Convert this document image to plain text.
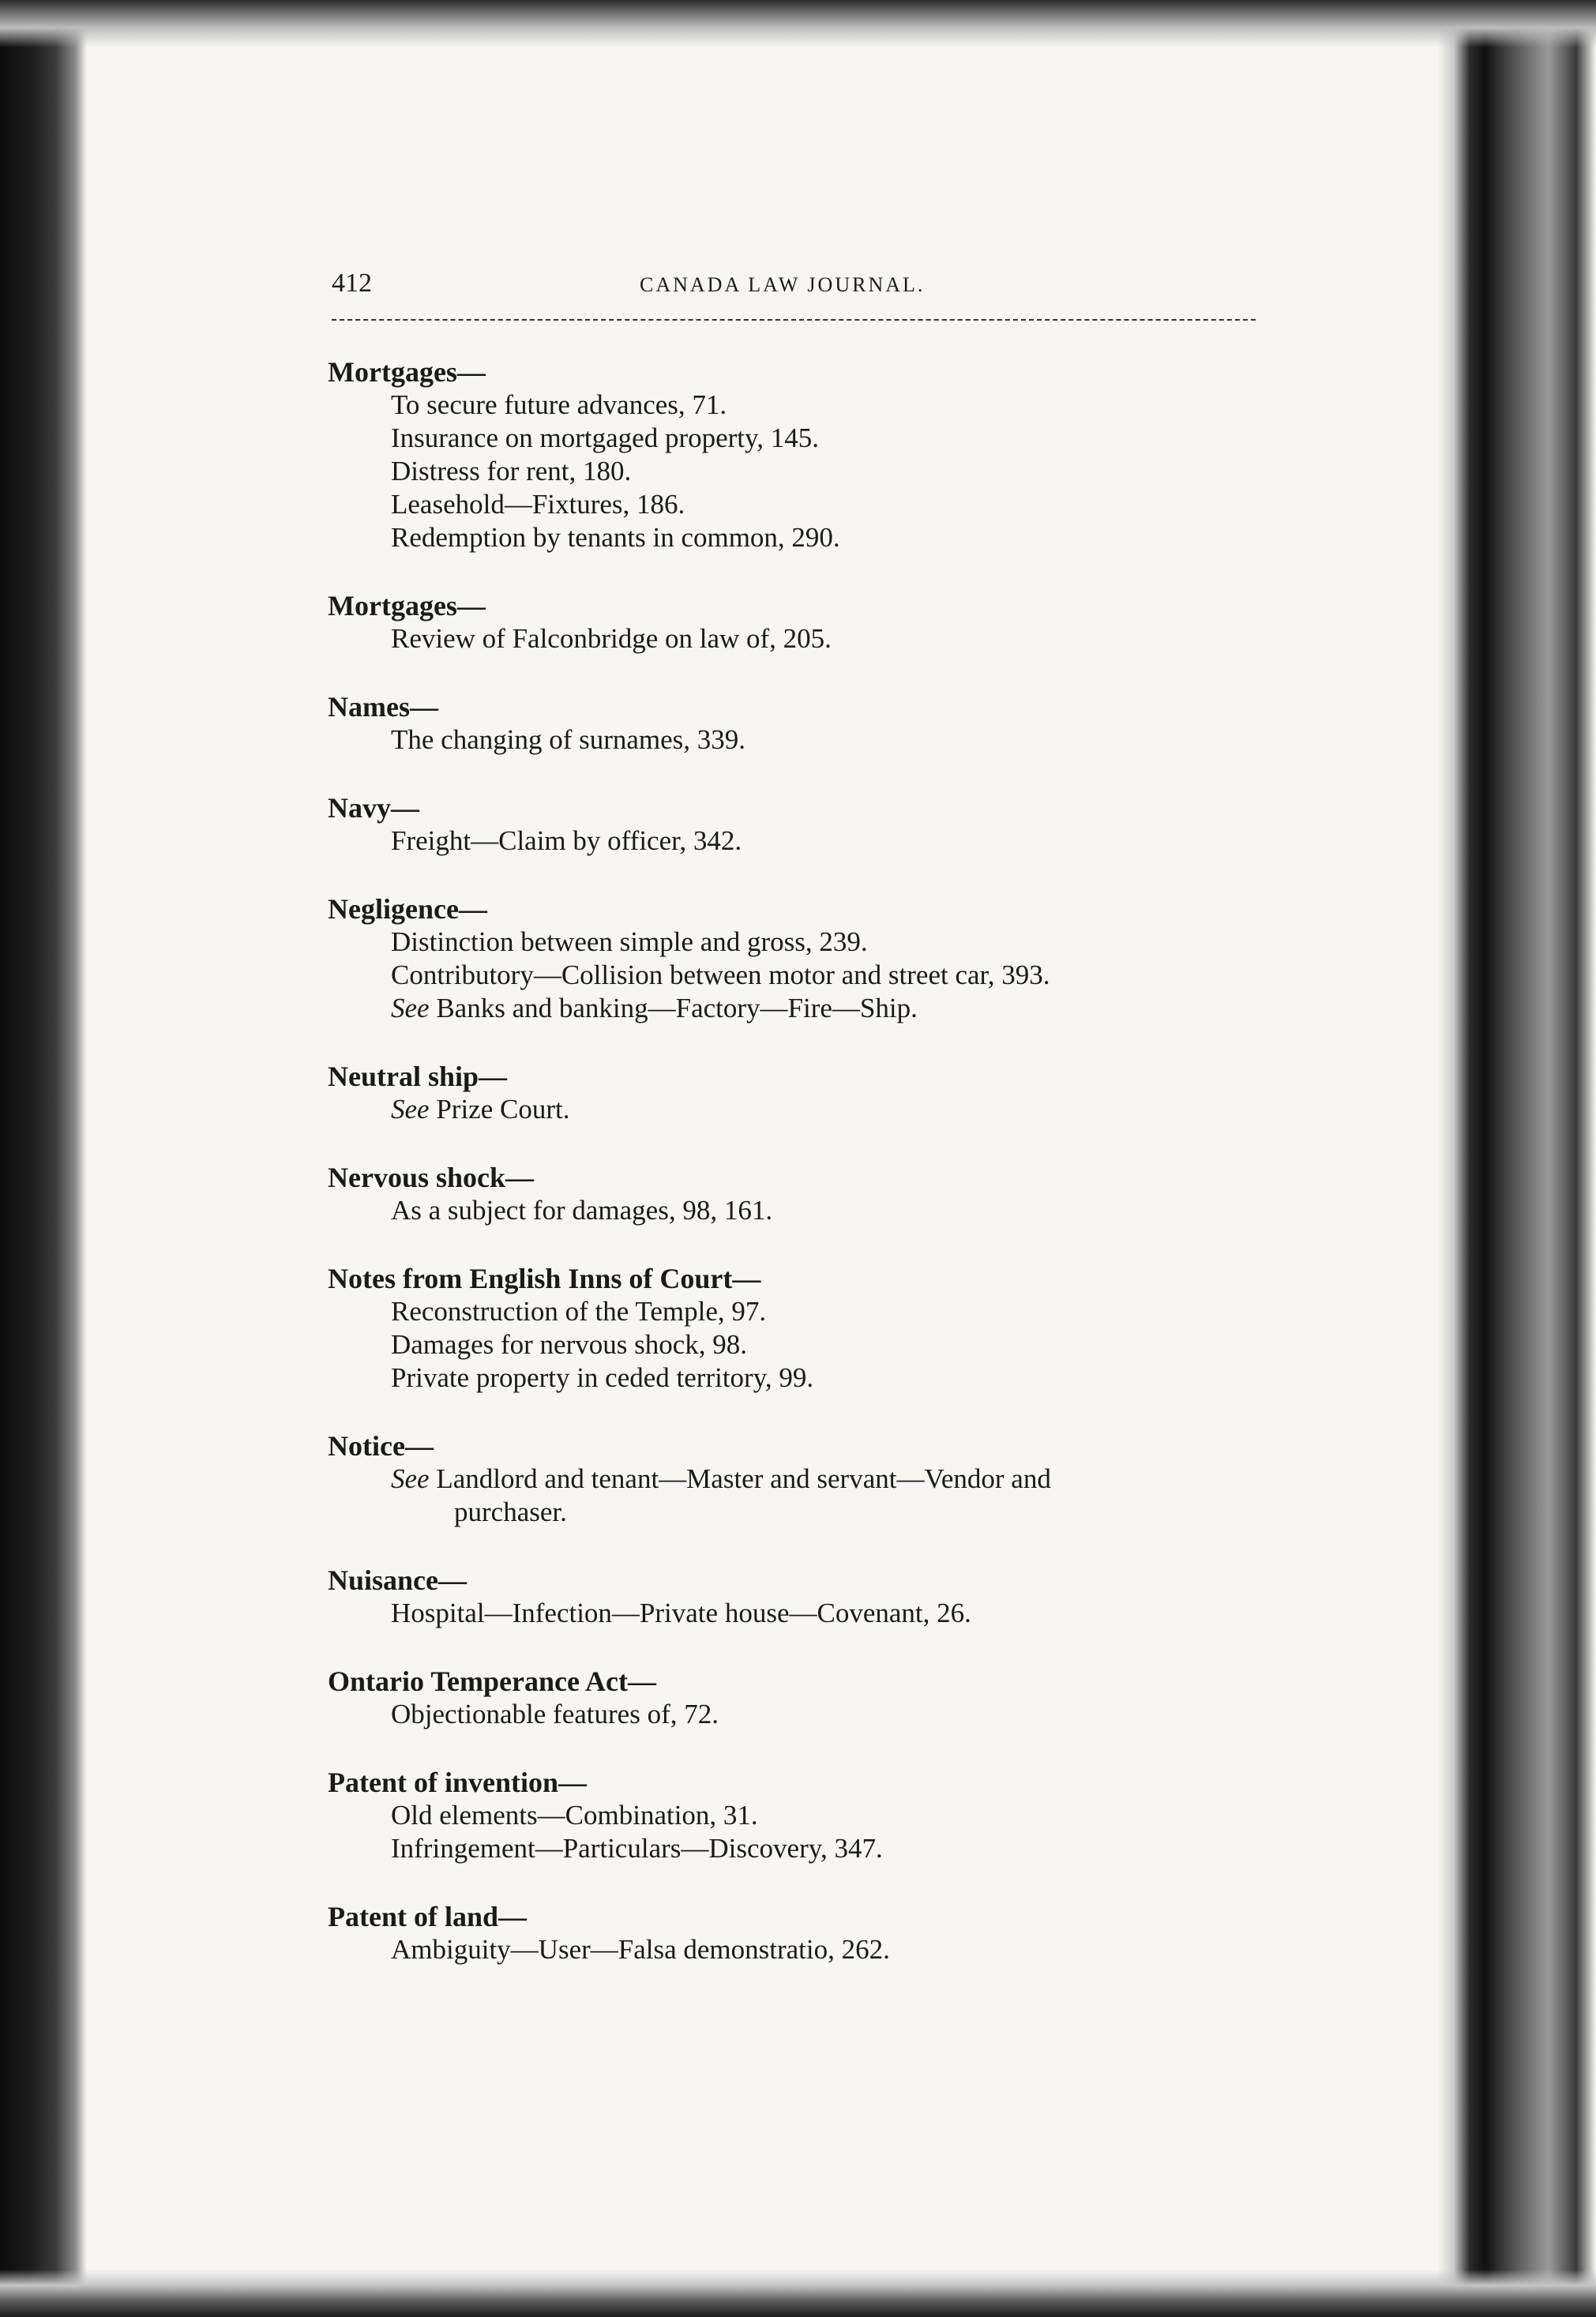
412	CANADA LAW JOURNAL.
Mortgages—
To secure future advances, 71.
Insurance on mortgaged property, 145.
Distress for rent, 180.
Leasehold—Fixtures, 186.
Redemption by tenants in common, 290.
Mortgages—
Review of Falconbridge on law of, 205.
Names—
The changing of surnames, 339.
Navy—
Freight—Claim by officer, 342.
Negligence—
Distinction between simple and gross, 239.
Contributory—Collision between motor and street car, 393.
See Banks and banking—Factory—Fire—Ship.
Neutral ship—
See Prize Court.
Nervous shock—
As a subject for damages, 98, 161.
Notes from English Inns of Court—
Reconstruction of the Temple, 97.
Damages for nervous shock, 98.
Private property in ceded territory, 99.
Notice—
See Landlord and tenant—Master and servant—Vendor and
purchaser.
Nuisance—
Hospital—Infection—Private house—Covenant, 26.
Ontario Temperance Act—
Objectionable features of, 72.
Patent of invention—
Old elements—Combination, 31.
Infringement—Particulars—Discovery, 347.
Patent of land—
Ambiguity—User—Falsa demonstratio, 262.
